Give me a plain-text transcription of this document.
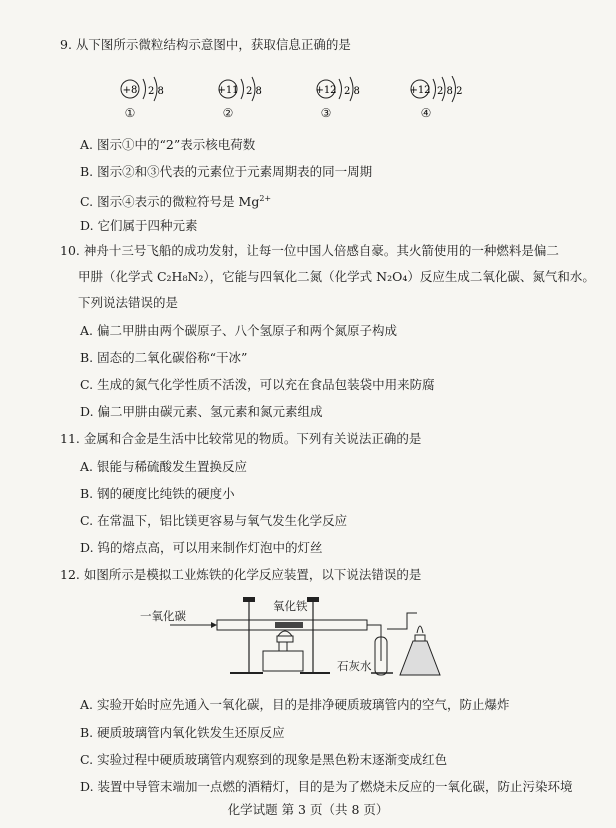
9. 从下图所示微粒结构示意图中，获取信息正确的是
+8 2 8
①
+11 2 8
②
+12 2 8
③
+12 2 8 2
④
A. 图示①中的“2”表示核电荷数
B. 图示②和③代表的元素位于元素周期表的同一周期
C. 图示④表示的微粒符号是 $Mg^{2+}$
D. 它们属于四种元素
10. 神舟十三号飞船的成功发射，让每一位中国人倍感自豪。其火箭使用的一种燃料是偏二
甲肼（化学式 C₂H₈N₂），它能与四氧化二氮（化学式 N₂O₄）反应生成二氧化碳、氮气和水。
下列说法错误的是
A. 偏二甲肼由两个碳原子、八个氢原子和两个氮原子构成
B. 固态的二氧化碳俗称“干冰”
C. 生成的氮气化学性质不活泼，可以充在食品包装袋中用来防腐
D. 偏二甲肼由碳元素、氢元素和氮元素组成
11. 金属和合金是生活中比较常见的物质。下列有关说法正确的是
A. 银能与稀硫酸发生置换反应
B. 钢的硬度比纯铁的硬度小
C. 在常温下，铝比镁更容易与氧气发生化学反应
D. 钨的熔点高，可以用来制作灯泡中的灯丝
12. 如图所示是模拟工业炼铁的化学反应装置，以下说法错误的是
一氧化碳
氧化铁
石灰水
A. 实验开始时应先通入一氧化碳，目的是排净硬质玻璃管内的空气，防止爆炸
B. 硬质玻璃管内氧化铁发生还原反应
C. 实验过程中硬质玻璃管内观察到的现象是黑色粉末逐渐变成红色
D. 装置中导管末端加一点燃的酒精灯，目的是为了燃烧未反应的一氧化碳，防止污染环境
化学试题 第 3 页（共 8 页）
